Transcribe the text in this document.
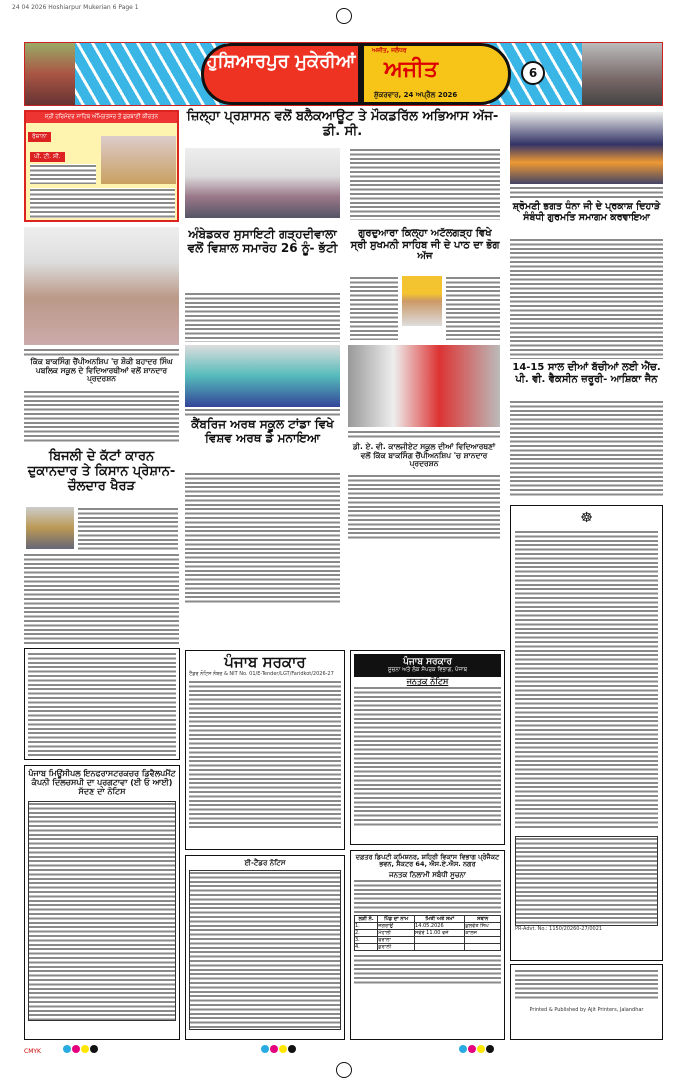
24 04 2026 Hoshiarpur Mukerian 6 Page 1
ਹੁਸ਼ਿਆਰਪੁਰ ਮੁਕੇਰੀਆਂ
ਅਜੀਤ, ਜਲੰਧਰ
ਅਜੀਤ
ਸ਼ੁੱਕਰਵਾਰ, 24 ਅਪ੍ਰੈਲ 2026
6
ਸ੍ਰੀ ਹਰਿਮੰਦਰ ਸਾਹਿਬ ਅੰਮ੍ਰਿਤਸਰ ਤੋਂ ਗੁਰਬਾਣੀ ਕੀਰਤਨ
ਰੋਜ਼ਾਨਾ
ਪੀ. ਟੀ. ਸੀ.
ਕਿੱਕ ਬਾਕਸਿੰਗ ਚੈਂਪੀਅਨਸ਼ਿਪ 'ਚ ਸ਼ੌਕੀ ਬਹਾਦਰ ਸਿੰਘ ਪਬਲਿਕ ਸਕੂਲ ਦੇ ਵਿਦਿਆਰਥੀਆਂ ਵਲੋਂ ਸ਼ਾਨਦਾਰ ਪ੍ਰਦਰਸ਼ਨ
ਬਿਜਲੀ ਦੇ ਕੱਟਾਂ ਕਾਰਨ ਦੁਕਾਨਦਾਰ ਤੇ ਕਿਸਾਨ ਪ੍ਰੇਸ਼ਾਨ- ਚੌਲਦਾਰ ਖੈਰੜ
ਜ਼ਿਲ੍ਹਾ ਪ੍ਰਸ਼ਾਸਨ ਵਲੋਂ ਬਲੈਕਆਊਟ ਤੇ ਮੌਕਡਰਿੱਲ ਅਭਿਆਸ ਅੱਜ- ਡੀ. ਸੀ.
ਅੰਬੇਡਕਰ ਸੁਸਾਇਟੀ ਗੜ੍ਹਦੀਵਾਲਾ ਵਲੋਂ ਵਿਸ਼ਾਲ ਸਮਾਰੋਹ 26 ਨੂੰ- ਭੱਟੀ
ਗੁਰਦੁਆਰਾ ਕਿਲ੍ਹਾ ਅਟੱਲਗੜ੍ਹ ਵਿਖੇ ਸ੍ਰੀ ਸੁਖਮਨੀ ਸਾਹਿਬ ਜੀ ਦੇ ਪਾਠ ਦਾ ਭੋਗ ਅੱਜ
ਕੈਂਬਰਿਜ ਅਰਥ ਸਕੂਲ ਟਾਂਡਾ ਵਿਖੇ ਵਿਸ਼ਵ ਅਰਥ ਡੇ ਮਨਾਇਆ
ਡੀ. ਏ. ਵੀ. ਕਾਲਜੀਏਟ ਸਕੂਲ ਦੀਆਂ ਵਿਦਿਆਰਥਣਾਂ ਵਲੋਂ ਕਿੱਕ ਬਾਕਸਿੰਗ ਚੈਂਪੀਅਨਸ਼ਿਪ 'ਚ ਸ਼ਾਨਦਾਰ ਪ੍ਰਦਰਸ਼ਨ
ਸ਼੍ਰੋਮਣੀ ਭਗਤ ਧੰਨਾ ਜੀ ਦੇ ਪ੍ਰਕਾਸ਼ ਦਿਹਾੜੇ ਸੰਬੰਧੀ ਗੁਰਮਤਿ ਸਮਾਗਮ ਕਰਵਾਇਆ
14-15 ਸਾਲ ਦੀਆਂ ਬੱਚੀਆਂ ਲਈ ਐੱਚ. ਪੀ. ਵੀ. ਵੈਕਸੀਨ ਜ਼ਰੂਰੀ- ਆਸ਼ਿਕਾ ਜੈਨ
☸
PR-Advt. No.: 1150/20260-27/0021
Printed & Published by Ajit Printers, Jalandhar
ਪੰਜਾਬ ਮਿਊਂਸੀਪਲ ਇਨਫਰਾਸਟਰਕਚਰ ਡਿਵੈਲਪਮੈਂਟ ਕੰਪਨੀ ਦਿਲਚਸਪੀ ਦਾ ਪ੍ਰਗਟਾਵਾ (ਈ ਓ ਆਈ) ਸੱਦਣ ਦਾ ਨੋਟਿਸ
ਪੰਜਾਬ ਸਰਕਾਰ
ਟੈਂਡਰ ਨੋਟਿਸ ਨੰਬਰ & NIT No. 01/E-Tender/LGT/Faridkot/2026-27
ਈ-ਟੈਂਡਰ ਨੋਟਿਸ
ਪੰਜਾਬ ਸਰਕਾਰ
ਸੂਚਨਾ ਅਤੇ ਲੋਕ ਸੰਪਰਕ ਵਿਭਾਗ, ਪੰਜਾਬ
ਜਨਤਕ ਨੋਟਿਸ
ਦਫ਼ਤਰ ਡਿਪਟੀ ਕਮਿਸ਼ਨਰ, ਸ਼ਹਿਰੀ ਵਿਕਾਸ ਵਿਭਾਗ ਪ੍ਰੋਜੈਕਟ ਭਵਨ, ਸੈਕਟਰ 64, ਐਸ.ਏ.ਐਸ. ਨਗਰ
ਜਨਤਕ ਨਿਲਾਮੀ ਸਬੰਧੀ ਸੂਚਨਾ
ਲੜੀ ਨੰ.	ਪਿੰਡ ਦਾ ਨਾਮ	ਮਿਤੀ ਅਤੇ ਸਮਾਂ	ਸਥਾਨ
1.	ਜਗਰਾਉਂ	14.05.2026	ਕੁਲਵੰਤ ਸਿੰਘ
2.	ਮੌਹਾਲੀ	ਸਵੇਰੇ 11.00 ਵਜੇ	ਕਾਲਜ
3.	ਫਰਾਲਾ		
4.	ਕੁਰਾਲੀ		
CMYK
